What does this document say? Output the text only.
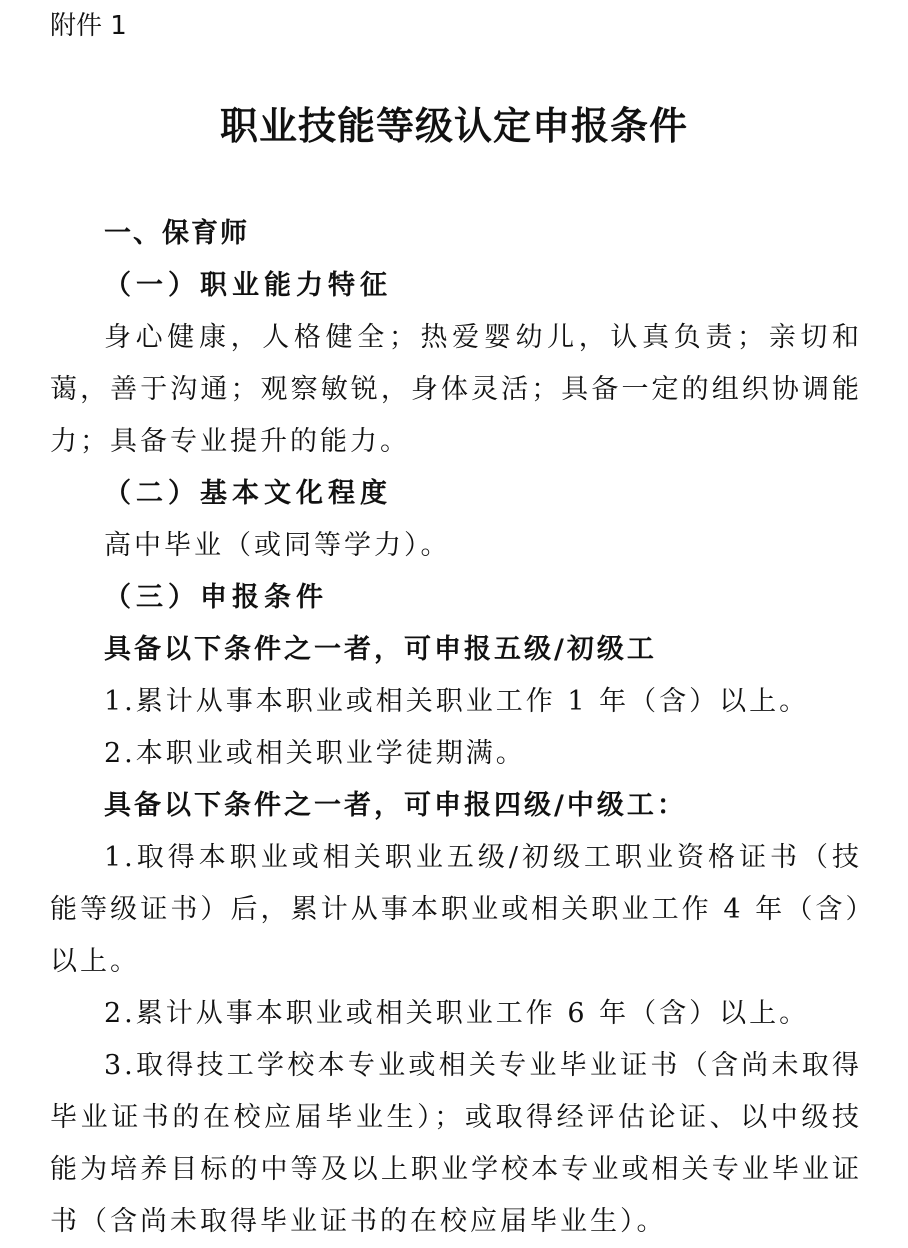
附件 1
职业技能等级认定申报条件

一、保育师

（一）职业能力特征

身心健康，人格健全；热爱婴幼儿，认真负责；亲切和蔼，善于沟通；观察敏锐，身体灵活；具备一定的组织协调能力；具备专业提升的能力。

（二）基本文化程度

高中毕业（或同等学力）。

（三）申报条件

具备以下条件之一者，可申报五级/初级工

1.累计从事本职业或相关职业工作 1 年（含）以上。

2.本职业或相关职业学徒期满。

具备以下条件之一者，可申报四级/中级工：

1.取得本职业或相关职业五级/初级工职业资格证书（技能等级证书）后，累计从事本职业或相关职业工作 4 年（含）以上。

2.累计从事本职业或相关职业工作 6 年（含）以上。

3.取得技工学校本专业或相关专业毕业证书（含尚未取得毕业证书的在校应届毕业生）；或取得经评估论证、以中级技能为培养目标的中等及以上职业学校本专业或相关专业毕业证书（含尚未取得毕业证书的在校应届毕业生）。
